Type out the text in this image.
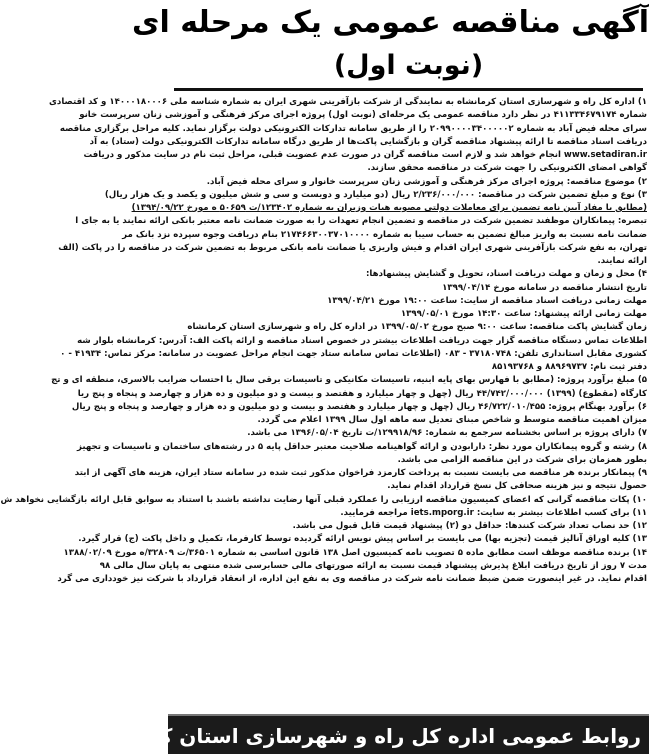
آگهی مناقصه عمومی یک مرحله ای
(نوبت اول)
۱) اداره کل راه و شهرسازی استان کرمانشاه به نمایندگی از شرکت بازآفرینی شهری ایران به شماره شناسه ملی ۱۴۰۰۰۱۸۰۰۰۶ و کد اقتصادی
شماره ۴۱۱۳۳۴۶۷۹۱۷۴ در نظر دارد مناقصه عمومی یک مرحله‌ای (نوبت اول) پروژه اجرای مرکز فرهنگی و آموزشی زنان سرپرست خانو
سرای محله فیض آباد به شماره ۲۰۹۹۰۰۰۰۳۴۰۰۰۰۰۲ را از طریق سامانه تدارکات الکترونیکی دولت برگزار نماید. کلیه مراحل برگزاری مناقصه
دریافت اسناد مناقصه تا ارائه پیشنهاد مناقصه گران و بازگشایی پاکت‌ها از طریق درگاه سامانه تدارکات الکترونیکی دولت (ستاد) به آد
www.setadiran.ir انجام خواهد شد و لازم است مناقصه گران در صورت عدم عضویت قبلی، مراحل ثبت نام در سایت مذکور و دریافت
گواهی امضای الکترونیکی را جهت شرکت در مناقصه محقق سازند.
۲) موضوع مناقصه: پروژه اجرای مرکز فرهنگی و آموزشی زنان سرپرست خانوار و سرای محله فیض آباد.
۳) نوع و مبلغ تضمین شرکت در مناقصه: ۲/۲۳۶/۰۰۰/۰۰۰ ریال (دو میلیارد و دویست و سی و شش میلیون و یکصد و یک هزار ریال)
(مطابق با مفاد آیین نامه تضمین برای معاملات دولتی مصوبه هیات وزیران به شماره ۱۲۳۴۰۲/ت ۵۰۶۵۹ ه مورخ ۱۳۹۴/۰۹/۲۲)
تبصره: پیمانکاران موظفند تضمین شرکت در مناقصه و تضمین انجام تعهدات را به صورت ضمانت نامه معتبر بانکی ارائه نمایند یا به جای ا
ضمانت نامه نسبت به واریز مبالغ تضمین به حساب سیبا به شماره ۲۱۷۴۶۶۳۰۰۳۷۰۱۰۰۰۰ بنام دریافت وجوه سپرده نزد بانک مر
تهران، به نفع شرکت بازآفرینی شهری ایران اقدام و فیش واریزی یا ضمانت نامه بانکی مربوط به تضمین شرکت در مناقصه را در پاکت (الف
ارائه نمایند.
۴) محل و زمان و مهلت دریافت اسناد، تحویل و گشایش پیشنهادها:
تاریخ انتشار مناقصه در سامانه مورخ ۱۳۹۹/۰۴/۱۴
مهلت زمانی دریافت اسناد مناقصه از سایت: ساعت ۱۹:۰۰ مورخ ۱۳۹۹/۰۴/۲۱
مهلت زمانی ارائه پیشنهاد: ساعت ۱۴:۳۰ مورخ ۱۳۹۹/۰۵/۰۱
زمان گشایش پاکت مناقصه: ساعت ۹:۰۰ صبح مورخ ۱۳۹۹/۰۵/۰۲ در اداره کل راه و شهرسازی استان کرمانشاه
اطلاعات تماس دستگاه مناقصه گزار جهت دریافت اطلاعات بیشتر در خصوص اسناد مناقصه و ارائه پاکت الف: آدرس: کرمانشاه بلوار شه
کشوری مقابل استانداری تلفن: ۳۷۱۸۰۷۴۸ - ۰۸۳ (اطلاعات تماس سامانه ستاد جهت انجام مراحل عضویت در سامانه: مرکز تماس: ۴۱۹۳۴ - ۰
دفتر ثبت نام: ۸۸۹۶۹۷۳۷ و ۸۵۱۹۳۷۶۸
۵) مبلغ برآورد پروژه: (مطابق با فهارس بهای پایه ابنیه، تاسیسات مکانیکی و تاسیسات برقی سال با احتساب ضرایب بالاسری، منطقه ای و تج
کارگاه (مقطوع) (۱۳۹۹) ۴۴/۷۴۲/۰۰۰/۰۰۰ ریال (چهل و چهار میلیارد و هفتصد و بیست و دو میلیون و ده هزار و چهارصد و پنجاه و پنج ریا
۶) برآورد بهنگام پروژه: ۴۶/۷۲۲/۰۱۰/۴۵۵ ریال (چهل و چهار میلیارد و هفتصد و بیست و دو میلیون و ده هزار و چهارصد و پنجاه و پنج ریال
میزان اهمیت مناقصه متوسط و شاخص مبنای تعدیل سه ماهه اول سال ۱۳۹۹ اعلام می گردد.
۷) دارای پروژه بر اساس بخشنامه سرجمع به شماره: ۱۲۹۹۱۸/۹۶/ت تاریخ ۱۳۹۶/۰۵/۰۴ می باشد.
۸) رشته و گروه پیمانکاران مورد نظر: دارابودن و ارائه گواهینامه صلاحیت معتبر حداقل پایه ۵ در رشته‌های ساختمان و تاسیسات و تجهیز
بطور همزمان برای شرکت در این مناقصه الزامی می باشد.
۹) پیمانکار برنده هر مناقصه می بایست نسبت به پرداخت کارمزد فراخوان مذکور ثبت شده در سامانه ستاد ایران، هزینه های آگهی از ابتد
حصول نتیجه و نیز هزینه صحافی کل نسخ قرارداد اقدام نماید.
۱۰) پکات مناقصه گرانی که اعضای کمیسیون مناقصه ارزیابی را عملکرد قبلی آنها رضایت نداشته باشند با استناد به سوابق قابل ارائه بازگشایی نخواهد ش
۱۱) برای کسب اطلاعات بیشتر به سایت: iets.mporg.ir مراجعه فرمایید.
۱۲) حد نصاب تعداد شرکت کنندها: حداقل دو (۲) پیشنهاد قیمت قابل قبول می باشد.
۱۳) کلیه اوراق آنالیز قیمت (تجزیه بها) می بایست بر اساس پیش نویس ارائه گردیده توسط کارفرما، تکمیل و داخل پاکت (ج) قرار گیرد.
۱۴) برنده مناقصه موظف است مطابق ماده ۵ تصویب نامه کمیسیون اصل ۱۳۸ قانون اساسی به شماره ۳۶۵۰۱/ت ۳۲۸۰۹/ه مورخ ۱۳۸۸/۰۲/۰۹
مدت ۷ روز از تاریخ دریافت ابلاغ پذیرش پیشنهاد قیمت نسبت به ارائه صورتهای مالی حسابرسی شده منتهی به پایان سال مالی ۹۸
اقدام نماید. در غیر اینصورت ضمن ضبط ضمانت نامه شرکت در مناقصه وی به نفع این اداره، از انعقاد قرارداد با شرکت نیز خودداری می گرد
روابط عمومی اداره کل راه و شهرسازی استان کرمانشاه
